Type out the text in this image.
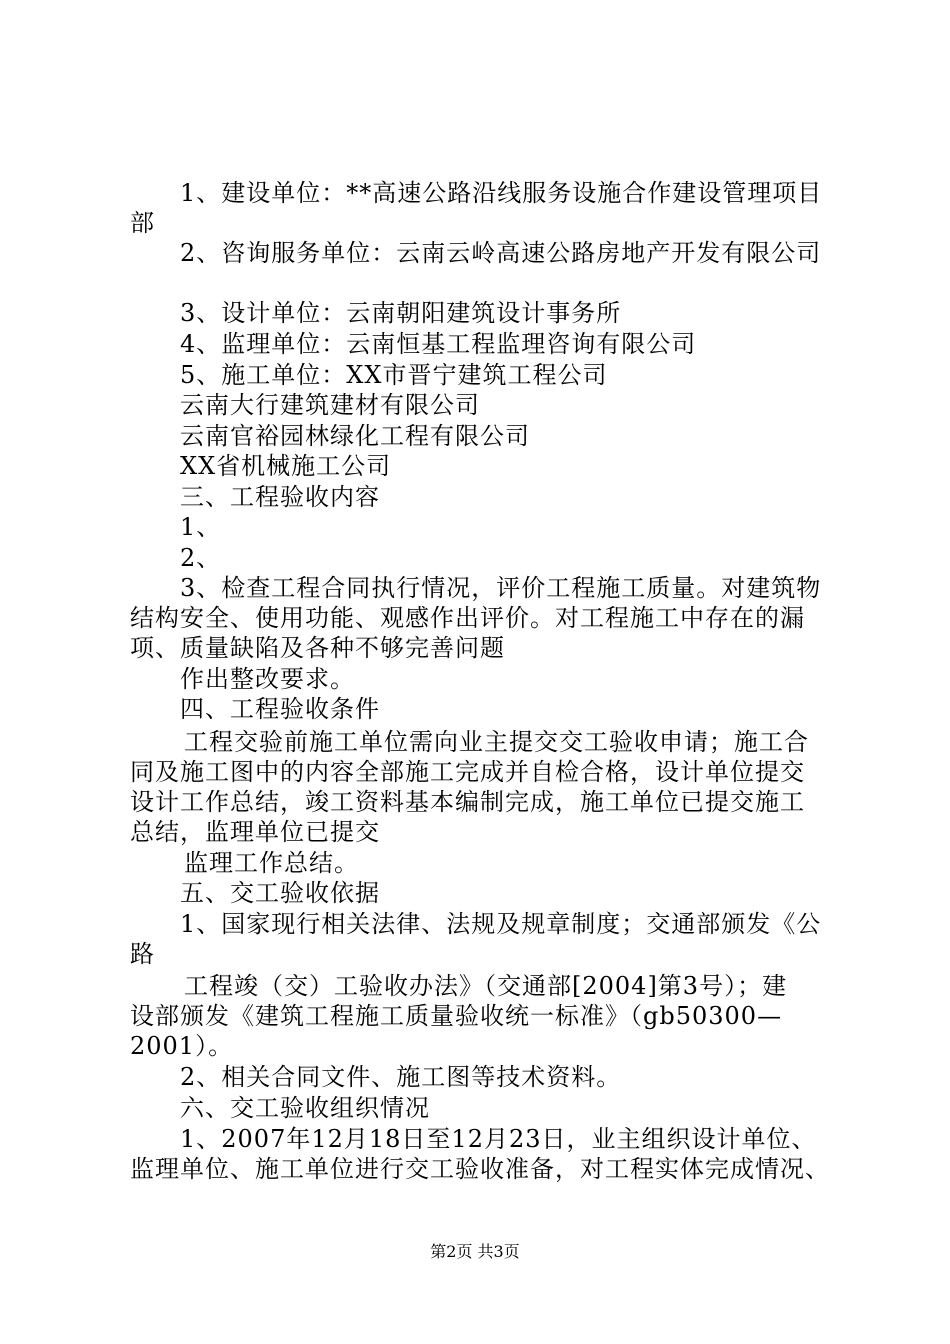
1、建设单位：**高速公路沿线服务设施合作建设管理项目
部
2、咨询服务单位：云南云岭高速公路房地产开发有限公司
3、设计单位：云南朝阳建筑设计事务所
4、监理单位：云南恒基工程监理咨询有限公司
5、施工单位：XX市晋宁建筑工程公司
云南大行建筑建材有限公司
云南官裕园林绿化工程有限公司
XX省机械施工公司
三、工程验收内容
1、
2、
3、检查工程合同执行情况，评价工程施工质量。对建筑物
结构安全、使用功能、观感作出评价。对工程施工中存在的漏
项、质量缺陷及各种不够完善问题
作出整改要求。
四、工程验收条件
工程交验前施工单位需向业主提交交工验收申请；施工合
同及施工图中的内容全部施工完成并自检合格，设计单位提交
设计工作总结，竣工资料基本编制完成，施工单位已提交施工
总结，监理单位已提交
监理工作总结。
五、交工验收依据
1、国家现行相关法律、法规及规章制度；交通部颁发《公
路
工程竣（交）工验收办法》（交通部[2004]第3号）；建
设部颁发《建筑工程施工质量验收统一标准》（gb50300—
2001）。
2、相关合同文件、施工图等技术资料。
六、交工验收组织情况
1、2007年12月18日至12月23日，业主组织设计单位、
监理单位、施工单位进行交工验收准备，对工程实体完成情况、
第2页 共3页
